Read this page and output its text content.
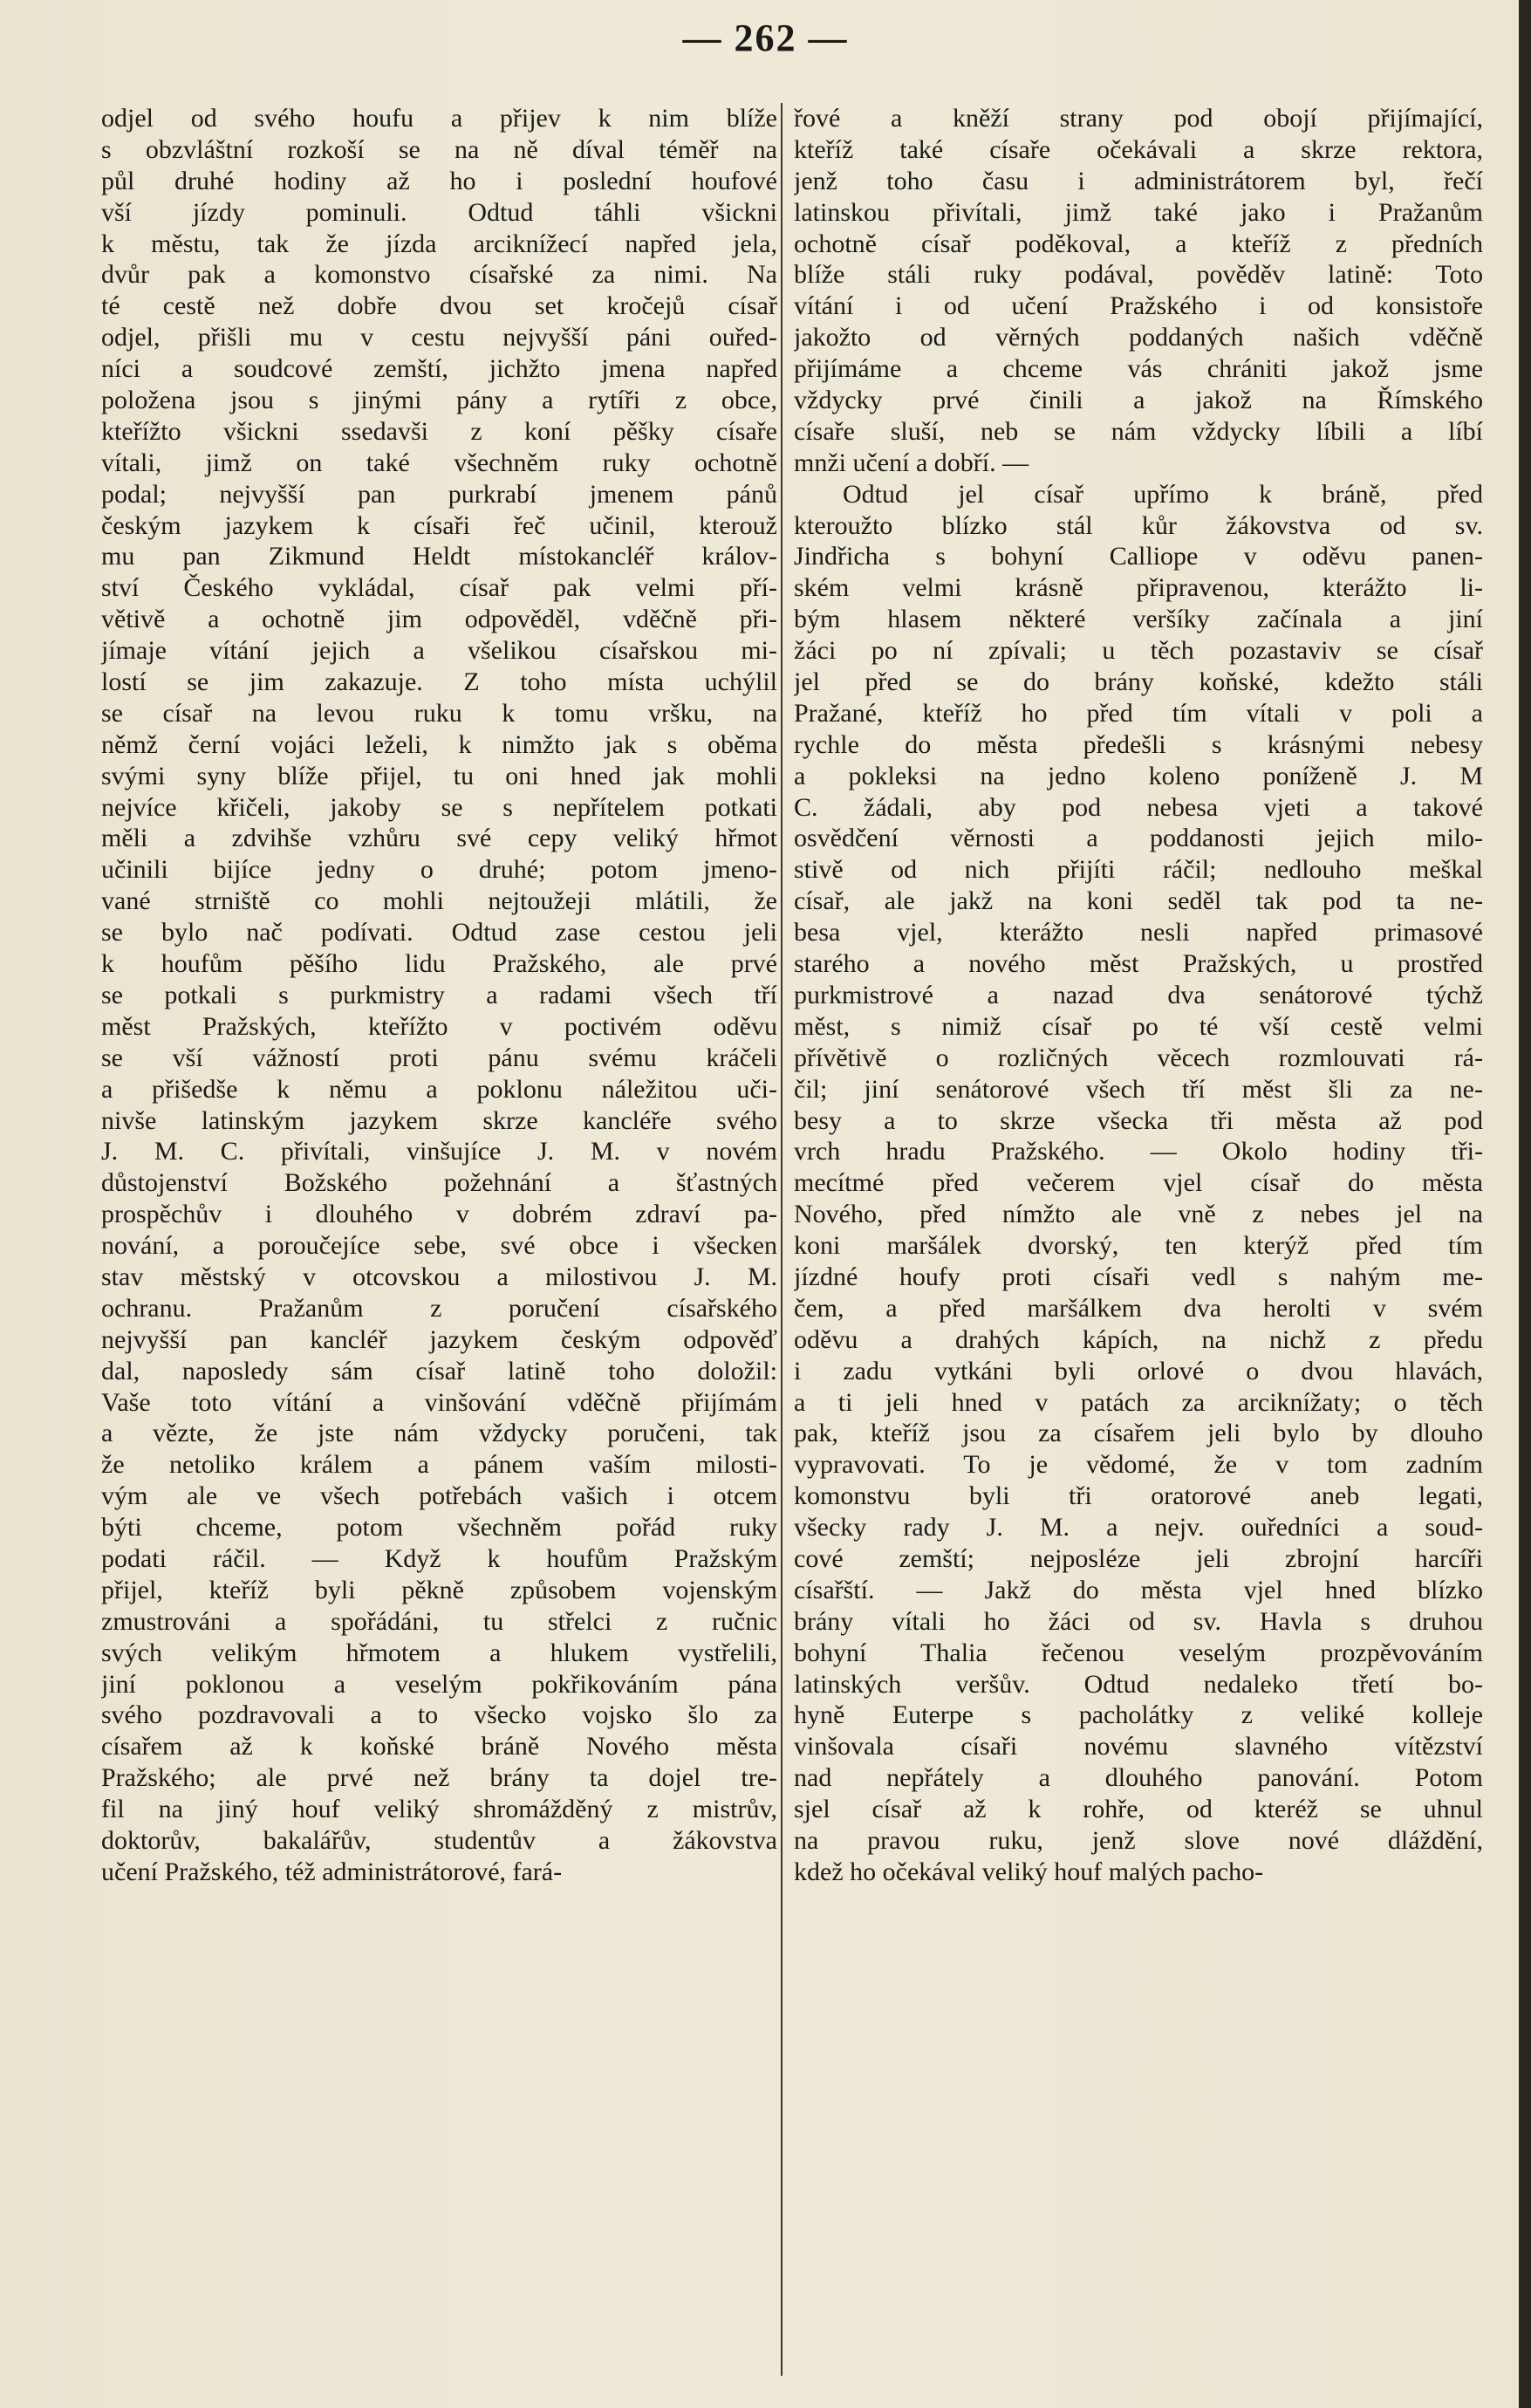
— 262 —
odjel od svého houfu a přijev k nim blíže
s obzvláštní rozkoší se na ně díval téměř na
půl druhé hodiny až ho i poslední houfové
vší jízdy pominuli. Odtud táhli všickni
k městu, tak že jízda arciknížecí napřed jela,
dvůr pak a komonstvo císařské za nimi. Na
té cestě než dobře dvou set kročejů císař
odjel, přišli mu v cestu nejvyšší páni ouřed-
níci a soudcové zemští, jichžto jmena napřed
položena jsou s jinými pány a rytíři z obce,
kteřížto všickni ssedavši z koní pěšky císaře
vítali, jimž on také všechněm ruky ochotně
podal; nejvyšší pan purkrabí jmenem pánů
českým jazykem k císaři řeč učinil, kterouž
mu pan Zikmund Heldt místokancléř králov-
ství Českého vykládal, císař pak velmi pří-
větivě a ochotně jim odpověděl, vděčně při-
jímaje vítání jejich a všelikou císařskou mi-
lostí se jim zakazuje. Z toho místa uchýlil
se císař na levou ruku k tomu vršku, na
němž černí vojáci leželi, k nimžto jak s oběma
svými syny blíže přijel, tu oni hned jak mohli
nejvíce křičeli, jakoby se s nepřítelem potkati
měli a zdvihše vzhůru své cepy veliký hřmot
učinili bijíce jedny o druhé; potom jmeno-
vané strniště co mohli nejtoužeji mlátili, že
se bylo nač podívati. Odtud zase cestou jeli
k houfům pěšího lidu Pražského, ale prvé
se potkali s purkmistry a radami všech tří
měst Pražských, kteřížto v poctivém oděvu
se vší vážností proti pánu svému kráčeli
a přišedše k němu a poklonu náležitou uči-
nivše latinským jazykem skrze kancléře svého
J. M. C. přivítali, vinšujíce J. M. v novém
důstojenství Božského požehnání a šťastných
prospěchův i dlouhého v dobrém zdraví pa-
nování, a poroučejíce sebe, své obce i všecken
stav městský v otcovskou a milostivou J. M.
ochranu. Pražanům z poručení císařského
nejvyšší pan kancléř jazykem českým odpověď
dal, naposledy sám císař latině toho doložil:
Vaše toto vítání a vinšování vděčně přijímám
a vězte, že jste nám vždycky poručeni, tak
že netoliko králem a pánem vaším milosti-
vým ale ve všech potřebách vašich i otcem
býti chceme, potom všechněm pořád ruky
podati ráčil. — Když k houfům Pražským
přijel, kteříž byli pěkně způsobem vojenským
zmustrováni a spořádáni, tu střelci z ručnic
svých velikým hřmotem a hlukem vystřelili,
jiní poklonou a veselým pokřikováním pána
svého pozdravovali a to všecko vojsko šlo za
císařem až k koňské bráně Nového města
Pražského; ale prvé než brány ta dojel tre-
fil na jiný houf veliký shromážděný z mistrův,
doktorův, bakalářův, studentův a žákovstva
učení Pražského, též administrátorové, fará-
řové a kněží strany pod obojí přijímající,
kteříž také císaře očekávali a skrze rektora,
jenž toho času i administrátorem byl, řečí
latinskou přivítali, jimž také jako i Pražanům
ochotně císař poděkoval, a kteříž z předních
blíže stáli ruky podával, pověděv latině: Toto
vítání i od učení Pražského i od konsistoře
jakožto od věrných poddaných našich vděčně
přijímáme a chceme vás chrániti jakož jsme
vždycky prvé činili a jakož na Římského
císaře sluší, neb se nám vždycky líbili a líbí
mnži učení a dobří. —
Odtud jel císař upřímo k bráně, před
kteroužto blízko stál kůr žákovstva od sv.
Jindřicha s bohyní Calliope v oděvu panen-
ském velmi krásně připravenou, kterážto li-
bým hlasem některé veršíky začínala a jiní
žáci po ní zpívali; u těch pozastaviv se císař
jel před se do brány koňské, kdežto stáli
Pražané, kteříž ho před tím vítali v poli a
rychle do města předešli s krásnými nebesy
a pokleksi na jedno koleno poníženě J. M
C. žádali, aby pod nebesa vjeti a takové
osvědčení věrnosti a poddanosti jejich milo-
stivě od nich přijíti ráčil; nedlouho meškal
císař, ale jakž na koni seděl tak pod ta ne-
besa vjel, kterážto nesli napřed primasové
starého a nového měst Pražských, u prostřed
purkmistrové a nazad dva senátorové týchž
měst, s nimiž císař po té vší cestě velmi
přívětivě o rozličných věcech rozmlouvati rá-
čil; jiní senátorové všech tří měst šli za ne-
besy a to skrze všecka tři města až pod
vrch hradu Pražského. — Okolo hodiny tři-
mecítmé před večerem vjel císař do města
Nového, před nímžto ale vně z nebes jel na
koni maršálek dvorský, ten kterýž před tím
jízdné houfy proti císaři vedl s nahým me-
čem, a před maršálkem dva herolti v svém
oděvu a drahých kápích, na nichž z předu
i zadu vytkáni byli orlové o dvou hlavách,
a ti jeli hned v patách za arciknížaty; o těch
pak, kteříž jsou za císařem jeli bylo by dlouho
vypravovati. To je vědomé, že v tom zadním
komonstvu byli tři oratorové aneb legati,
všecky rady J. M. a nejv. ouředníci a soud-
cové zemští; nejposléze jeli zbrojní harcíři
císařští. — Jakž do města vjel hned blízko
brány vítali ho žáci od sv. Havla s druhou
bohyní Thalia řečenou veselým prozpěvováním
latinských veršův. Odtud nedaleko třetí bo-
hyně Euterpe s pacholátky z veliké kolleje
vinšovala císaři novému slavného vítězství
nad nepřátely a dlouhého panování. Potom
sjel císař až k rohře, od kteréž se uhnul
na pravou ruku, jenž slove nové dláždění,
kdež ho očekával veliký houf malých pacho-
